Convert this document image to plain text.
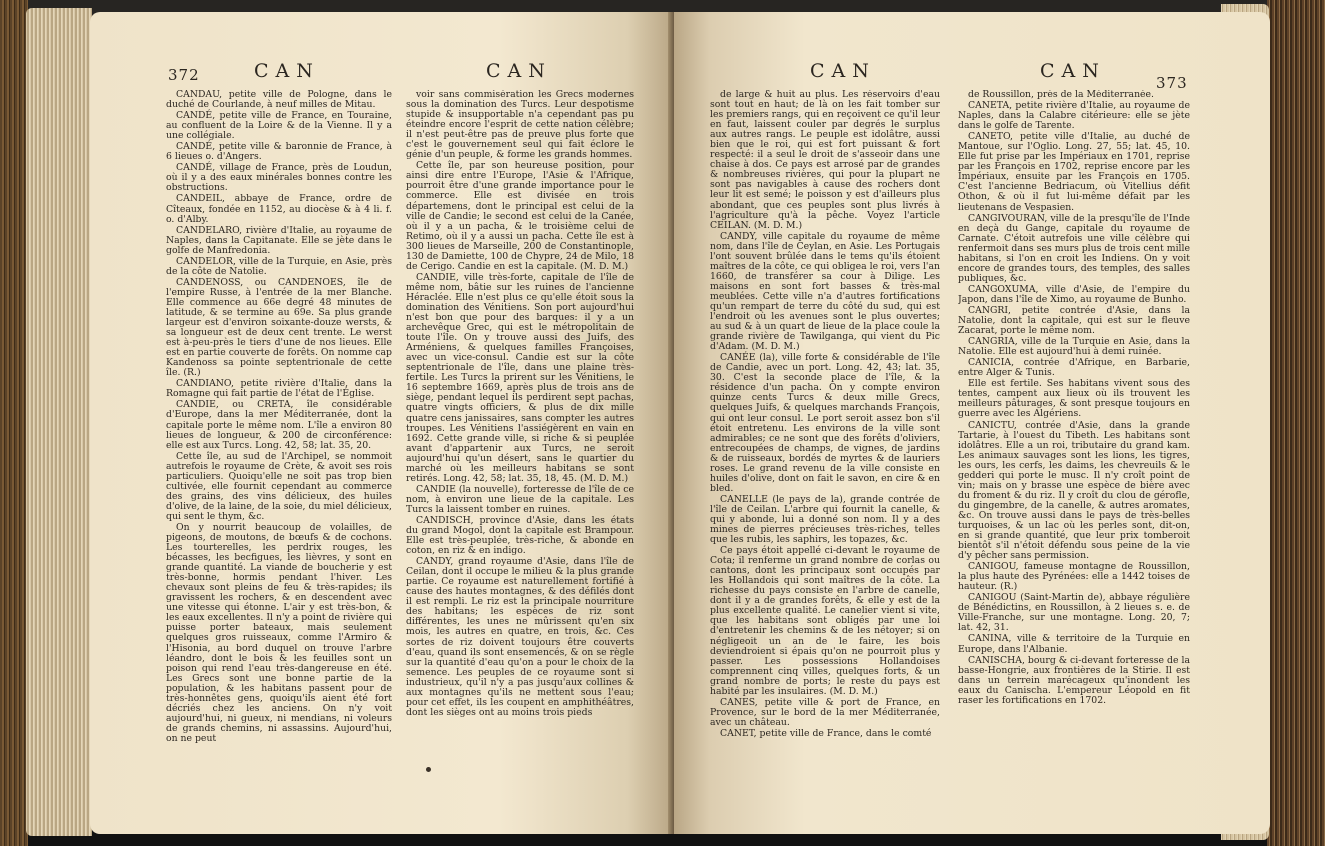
372	CAN	CAN

CANDAU, petite ville de Pologne, dans le duché de Courlande, à neuf milles de Mitau.

CANDÉ, petite ville de France, en Touraine, au confluent de la Loire & de la Vienne. Il y a une collégiale.

CANDÉ, petite ville & baronnie de France, à 6 lieues o. d'Angers.

CANDÉ, village de France, près de Loudun, où il y a des eaux minérales bonnes contre les obstructions.

CANDEIL, abbaye de France, ordre de Cîteaux, fondée en 1152, au diocèse & à 4 li. f. o. d'Alby.

CANDELARO, rivière d'Italie, au royaume de Naples, dans la Capitanate. Elle se jète dans le golfe de Manfredonia.

CANDELOR, ville de la Turquie, en Asie, près de la côte de Natolie.

CANDENOSS, ou CANDENOES, île de l'empire Russe, à l'entrée de la mer Blanche. Elle commence au 66e degré 48 minutes de latitude, & se termine au 69e. Sa plus grande largeur est d'environ soixante-douze wersts, & sa longueur est de deux cent trente. Le werst est à-peu-près le tiers d'une de nos lieues. Elle est en partie couverte de forêts. On nomme cap Kandenoss sa pointe septentrionale de cette île. (R.)

CANDIANO, petite rivière d'Italie, dans la Romagne qui fait partie de l'état de l'Église.

CANDIE, ou CRETA, île considérable d'Europe, dans la mer Méditerranée, dont la capitale porte le même nom. L'île a environ 80 lieues de longueur, & 200 de circonférence: elle est aux Turcs. Long. 42, 58; lat. 35, 20.

Cette île, au sud de l'Archipel, se nommoit autrefois le royaume de Crète, & avoit ses rois particuliers. Quoiqu'elle ne soit pas trop bien cultivée, elle fournit cependant au commerce des grains, des vins délicieux, des huiles d'olive, de la laine, de la soie, du miel délicieux, qui sent le thym, &c.

On y nourrit beaucoup de volailles, de pigeons, de moutons, de bœufs & de cochons. Les tourterelles, les perdrix rouges, les bécasses, les becfigues, les lièvres, y sont en grande quantité. La viande de boucherie y est très-bonne, hormis pendant l'hiver. Les chevaux sont pleins de feu & très-rapides; ils gravissent les rochers, & en descendent avec une vitesse qui étonne. L'air y est très-bon, & les eaux excellentes. Il n'y a point de rivière qui puisse porter bateaux, mais seulement quelques gros ruisseaux, comme l'Armiro & l'Hisonia, au bord duquel on trouve l'arbre léandro, dont le bois & les feuilles sont un poison qui rend l'eau très-dangereuse en été. Les Grecs sont une bonne partie de la population, & les habitans passent pour de très-honnêtes gens, quoiqu'ils aient été fort décriés chez les anciens. On n'y voit aujourd'hui, ni gueux, ni mendians, ni voleurs de grands chemins, ni assassins. Aujourd'hui, on ne peut

voir sans commisération les Grecs modernes sous la domination des Turcs. Leur despotisme stupide & insupportable n'a cependant pas pu éteindre encore l'esprit de cette nation célèbre; il n'est peut-être pas de preuve plus forte que c'est le gouvernement seul qui fait éclore le génie d'un peuple, & forme les grands hommes.

Cette île, par son heureuse position, pour ainsi dire entre l'Europe, l'Asie & l'Afrique, pourroit être d'une grande importance pour le commerce. Elle est divisée en trois départemens, dont le principal est celui de la ville de Candie; le second est celui de la Canée, où il y a un pacha, & le troisième celui de Retimo, où il y a aussi un pacha. Cette île est à 300 lieues de Marseille, 200 de Constantinople, 130 de Damiette, 100 de Chypre, 24 de Milo, 18 de Cerigo. Candie en est la capitale. (M. D. M.)

CANDIE, ville très-forte, capitale de l'île de même nom, bâtie sur les ruines de l'ancienne Héraclée. Elle n'est plus ce qu'elle étoit sous la domination des Vénitiens. Son port aujourd'hui n'est bon que pour des barques: il y a un archevêque Grec, qui est le métropolitain de toute l'île. On y trouve aussi des Juifs, des Arméniens, & quelques familles Françoises, avec un vice-consul. Candie est sur la côte septentrionale de l'île, dans une plaine très-fertile. Les Turcs la prirent sur les Vénitiens, le 16 septembre 1669, après plus de trois ans de siège, pendant lequel ils perdirent sept pachas, quatre vingts officiers, & plus de dix mille quatre cens janissaires, sans compter les autres troupes. Les Vénitiens l'assiégèrent en vain en 1692. Cette grande ville, si riche & si peuplée avant d'appartenir aux Turcs, ne seroit aujourd'hui qu'un désert, sans le quartier du marché où les meilleurs habitans se sont retirés. Long. 42, 58; lat. 35, 18, 45. (M. D. M.)

CANDIE (la nouvelle), forteresse de l'île de ce nom, à environ une lieue de la capitale. Les Turcs la laissent tomber en ruines.

CANDISCH, province d'Asie, dans les états du grand Mogol, dont la capitale est Brampour. Elle est très-peuplée, très-riche, & abonde en coton, en riz & en indigo.

CANDY, grand royaume d'Asie, dans l'île de Ceilan, dont il occupe le milieu & la plus grande partie. Ce royaume est naturellement fortifié à cause des hautes montagnes, & des défilés dont il est rempli. Le riz est la principale nourriture des habitans; les espèces de riz sont différentes, les unes ne mûrissent qu'en six mois, les autres en quatre, en trois, &c. Ces sortes de riz doivent toujours être couverts d'eau, quand ils sont ensemencés, & on se règle sur la quantité d'eau qu'on a pour le choix de la semence. Les peuples de ce royaume sont si industrieux, qu'il n'y a pas jusqu'aux collines & aux montagnes qu'ils ne mettent sous l'eau; pour cet effet, ils les coupent en amphithéâtres, dont les sièges ont au moins trois pieds

CAN	CAN
373

de large & huit au plus. Les réservoirs d'eau sont tout en haut; de là on les fait tomber sur les premiers rangs, qui en reçoivent ce qu'il leur en faut, laissent couler par degrés le surplus aux autres rangs. Le peuple est idolâtre, aussi bien que le roi, qui est fort puissant & fort respecté: il a seul le droit de s'asseoir dans une chaise à dos. Ce pays est arrosé par de grandes & nombreuses rivières, qui pour la plupart ne sont pas navigables à cause des rochers dont leur lit est semé; le poisson y est d'ailleurs plus abondant, que ces peuples sont plus livrés à l'agriculture qu'à la pêche. Voyez l'article CEILAN. (M. D. M.)

CANDY, ville capitale du royaume de même nom, dans l'île de Ceylan, en Asie. Les Portugais l'ont souvent brûlée dans le tems qu'ils étoient maîtres de la côte, ce qui obligea le roi, vers l'an 1660, de transférer sa cour à Dilige. Les maisons en sont fort basses & très-mal meublées. Cette ville n'a d'autres fortifications qu'un rempart de terre du côté du sud, qui est l'endroit où les avenues sont le plus ouvertes; au sud & à un quart de lieue de la place coule la grande rivière de Tawilganga, qui vient du Pic d'Adam. (M. D. M.)

CANÉE (la), ville forte & considérable de l'île de Candie, avec un port. Long. 42, 43; lat. 35, 30. C'est la seconde place de l'île, & la résidence d'un pacha. On y compte environ quinze cents Turcs & deux mille Grecs, quelques Juifs, & quelques marchands François, qui ont leur consul. Le port seroit assez bon s'il étoit entretenu. Les environs de la ville sont admirables; ce ne sont que des forêts d'oliviers, entrecoupées de champs, de vignes, de jardins & de ruisseaux, bordés de myrtes & de lauriers roses. Le grand revenu de la ville consiste en huiles d'olive, dont on fait le savon, en cire & en bled.

CANELLE (le pays de la), grande contrée de l'île de Ceilan. L'arbre qui fournit la canelle, & qui y abonde, lui a donné son nom. Il y a des mines de pierres précieuses très-riches, telles que les rubis, les saphirs, les topazes, &c.

Ce pays étoit appellé ci-devant le royaume de Cota; il renferme un grand nombre de corlas ou cantons, dont les principaux sont occupés par les Hollandois qui sont maîtres de la côte. La richesse du pays consiste en l'arbre de canelle, dont il y a de grandes forêts, & elle y est de la plus excellente qualité. Le canelier vient si vite, que les habitans sont obligés par une loi d'entretenir les chemins & de les nétoyer; si on négligeoit un an de le faire, les bois deviendroient si épais qu'on ne pourroit plus y passer. Les possessions Hollandoises comprennent cinq villes, quelques forts, & un grand nombre de ports; le reste du pays est habité par les insulaires. (M. D. M.)

CANES, petite ville & port de France, en Provence, sur le bord de la mer Méditerranée, avec un château.

CANET, petite ville de France, dans le comté

de Roussillon, près de la Méditerranée.

CANETA, petite rivière d'Italie, au royaume de Naples, dans la Calabre citérieure: elle se jète dans le golfe de Tarente.

CANETO, petite ville d'Italie, au duché de Mantoue, sur l'Oglio. Long. 27, 55; lat. 45, 10. Elle fut prise par les Impériaux en 1701, reprise par les François en 1702, reprise encore par les Impériaux, ensuite par les François en 1705. C'est l'ancienne Bedriacum, où Vitellius défit Othon, & où il fut lui-même défait par les lieutenans de Vespasien.

CANGIVOURAN, ville de la presqu'île de l'Inde en deçà du Gange, capitale du royaume de Carnate. C'étoit autrefois une ville célèbre qui renfermoit dans ses murs plus de trois cent mille habitans, si l'on en croit les Indiens. On y voit encore de grandes tours, des temples, des salles publiques, &c.

CANGOXUMA, ville d'Asie, de l'empire du Japon, dans l'île de Ximo, au royaume de Bunho.

CANGRI, petite contrée d'Asie, dans la Natolie, dont la capitale, qui est sur le fleuve Zacarat, porte le même nom.

CANGRIA, ville de la Turquie en Asie, dans la Natolie. Elle est aujourd'hui à demi ruinée.

CANICIA, contrée d'Afrique, en Barbarie, entre Alger & Tunis.

Elle est fertile. Ses habitans vivent sous des tentes, campent aux lieux où ils trouvent les meilleurs pâturages, & sont presque toujours en guerre avec les Algériens.

CANICTU, contrée d'Asie, dans la grande Tartarie, à l'ouest du Tibeth. Les habitans sont idolâtres. Elle a un roi, tributaire du grand kam. Les animaux sauvages sont les lions, les tigres, les ours, les cerfs, les daims, les chevreuils & le gedderi qui porte le musc. Il n'y croît point de vin; mais on y brasse une espèce de bière avec du froment & du riz. Il y croît du clou de gérofle, du gingembre, de la canelle, & autres aromates, &c. On trouve aussi dans le pays de très-belles turquoises, & un lac où les perles sont, dit-on, en si grande quantité, que leur prix tomberoit bientôt s'il n'étoit défendu sous peine de la vie d'y pêcher sans permission.

CANIGOU, fameuse montagne de Roussillon, la plus haute des Pyrénées: elle a 1442 toises de hauteur. (R.)

CANIGOU (Saint-Martin de), abbaye régulière de Bénédictins, en Roussillon, à 2 lieues s. e. de Ville-Franche, sur une montagne. Long. 20, 7; lat. 42, 31.

CANINA, ville & territoire de la Turquie en Europe, dans l'Albanie.

CANISCHA, bourg & ci-devant forteresse de la basse-Hongrie, aux frontières de la Stirie. Il est dans un terrein marécageux qu'inondent les eaux du Canischa. L'empereur Léopold en fit raser les fortifications en 1702.
